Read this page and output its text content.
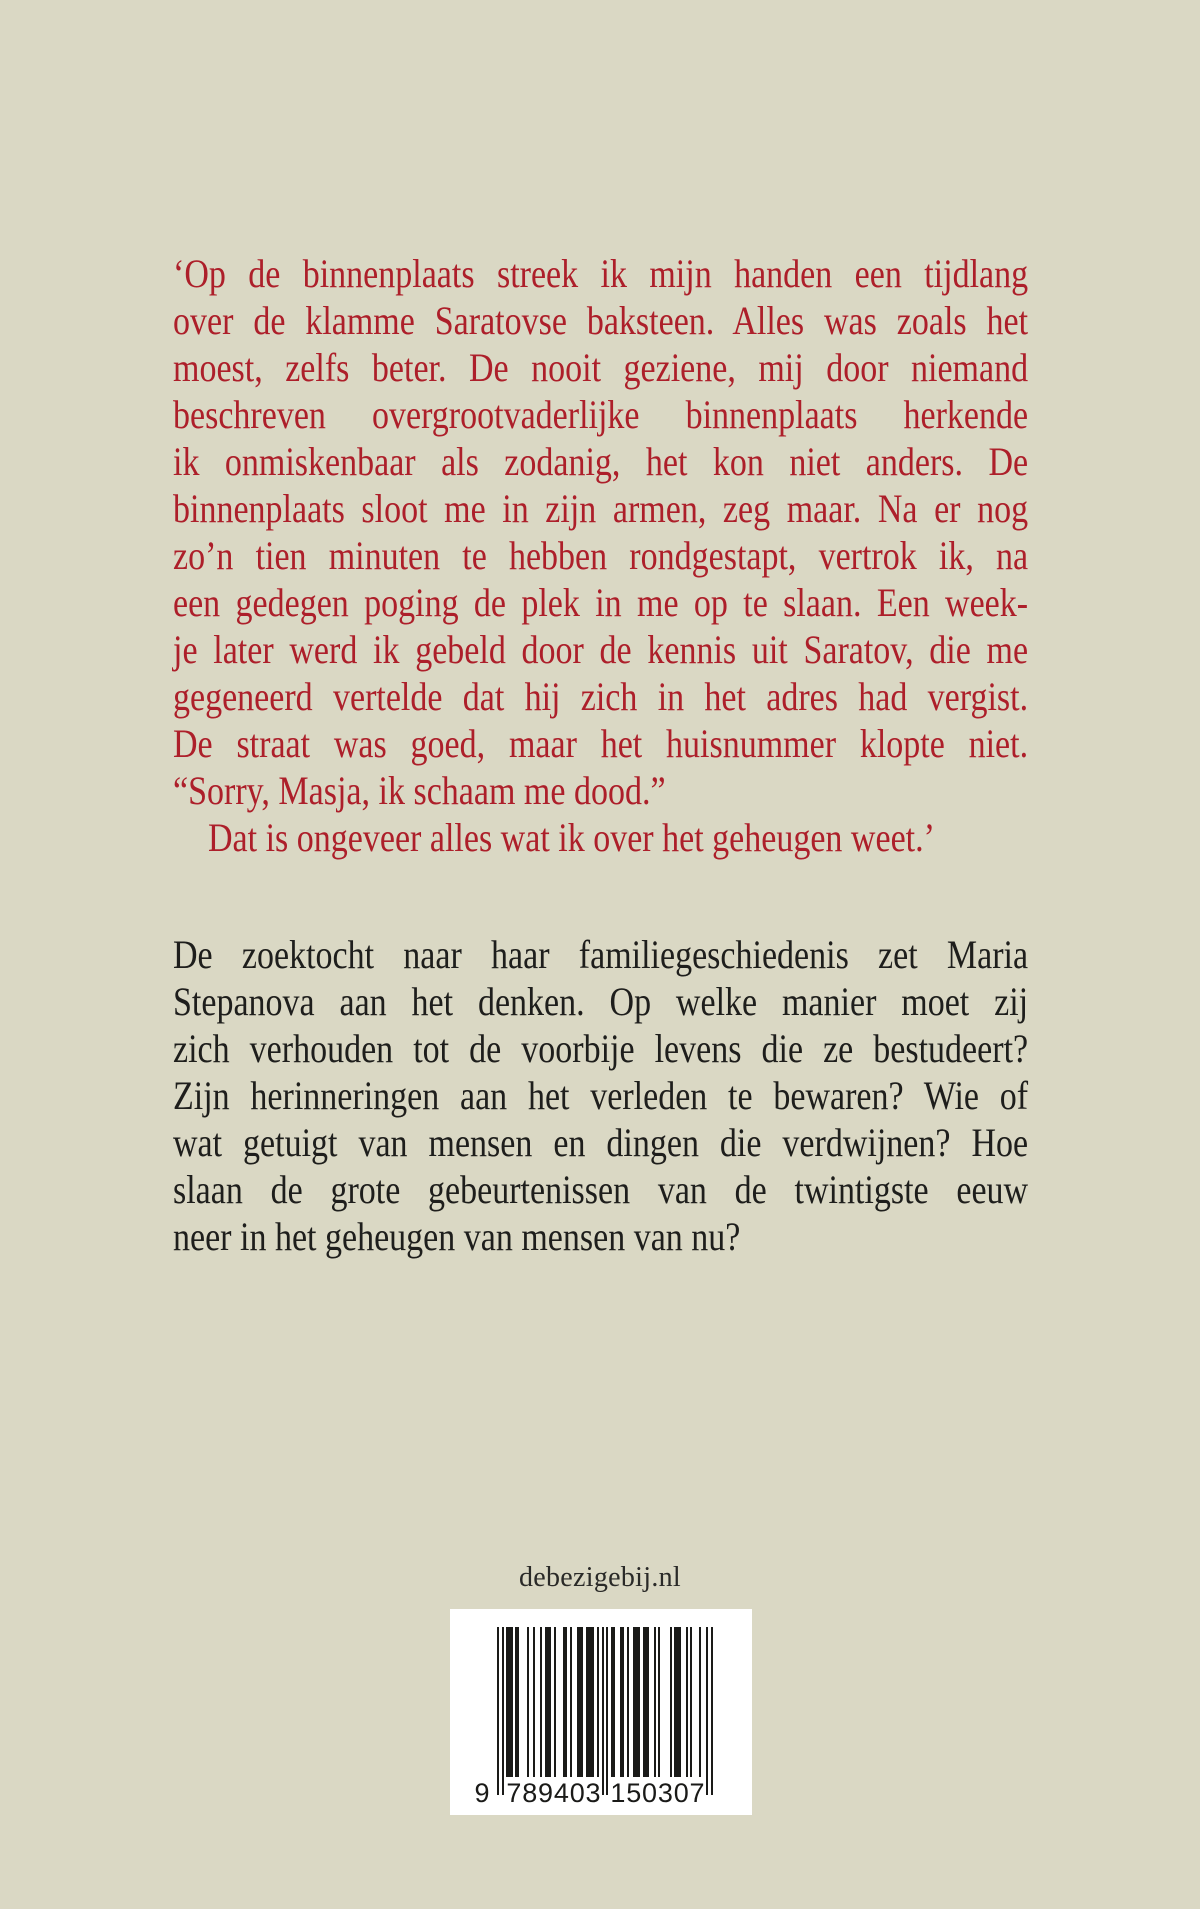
‘Op de binnenplaats streek ik mijn handen een tijdlang
over de klamme Saratovse baksteen. Alles was zoals het
moest, zelfs beter. De nooit geziene, mij door niemand
beschreven overgrootvaderlijke binnenplaats herkende
ik onmiskenbaar als zodanig, het kon niet anders. De
binnenplaats sloot me in zijn armen, zeg maar. Na er nog
zo’n tien minuten te hebben rondgestapt, vertrok ik, na
een gedegen poging de plek in me op te slaan. Een week-
je later werd ik gebeld door de kennis uit Saratov, die me
gegeneerd vertelde dat hij zich in het adres had vergist.
De straat was goed, maar het huisnummer klopte niet.
“Sorry, Masja, ik schaam me dood.”
Dat is ongeveer alles wat ik over het geheugen weet.’
De zoektocht naar haar familiegeschiedenis zet Maria
Stepanova aan het denken. Op welke manier moet zij
zich verhouden tot de voorbije levens die ze bestudeert?
Zijn herinneringen aan het verleden te bewaren? Wie of
wat getuigt van mensen en dingen die verdwijnen? Hoe
slaan de grote gebeurtenissen van de twintigste eeuw
neer in het geheugen van mensen van nu?
debezigebij.nl
9 789403 150307
